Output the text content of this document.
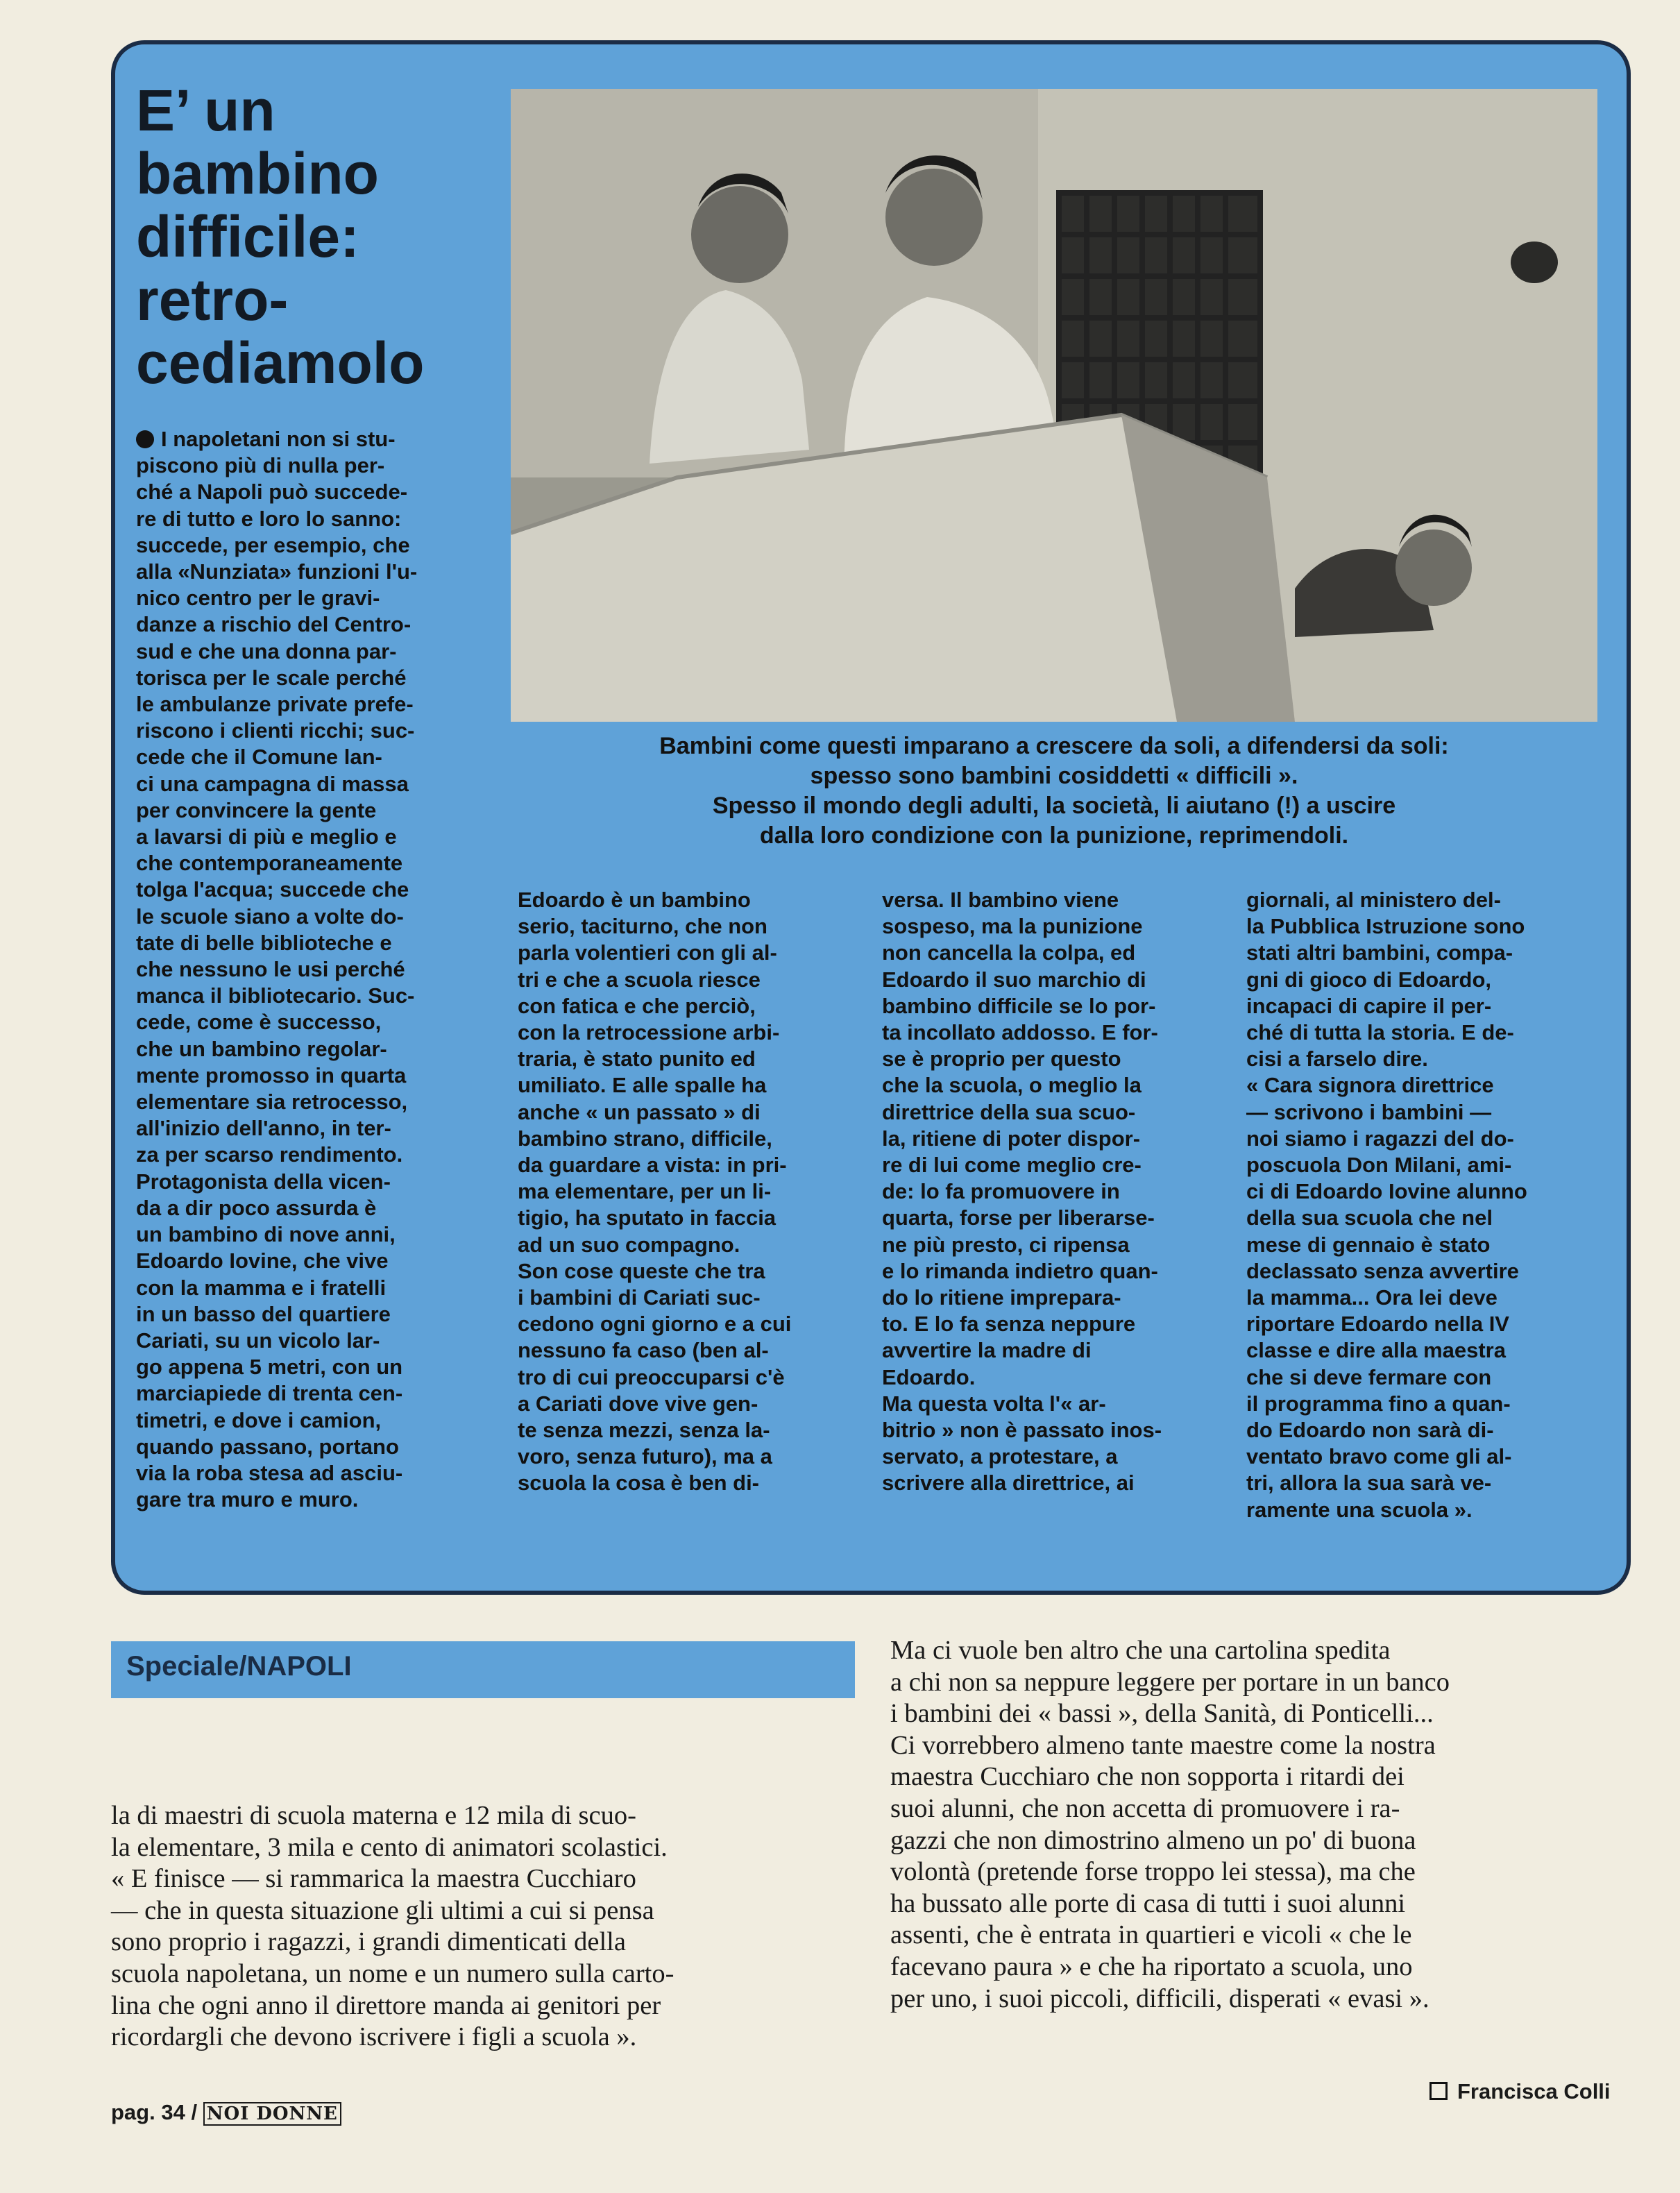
E’ un
bambino
difficile:
retro-
cediamolo

I napoletani non si stu-
piscono più di nulla per-
ché a Napoli può succede-
re di tutto e loro lo sanno:
succede, per esempio, che
alla «Nunziata» funzioni l'u-
nico centro per le gravi-
danze a rischio del Centro-
sud e che una donna par-
torisca per le scale perché
le ambulanze private prefe-
riscono i clienti ricchi; suc-
cede che il Comune lan-
ci una campagna di massa
per convincere la gente
a lavarsi di più e meglio e
che contemporaneamente
tolga l'acqua; succede che
le scuole siano a volte do-
tate di belle biblioteche e
che nessuno le usi perché
manca il bibliotecario. Suc-
cede, come è successo,
che un bambino regolar-
mente promosso in quarta
elementare sia retrocesso,
all'inizio dell'anno, in ter-
za per scarso rendimento.
Protagonista della vicen-
da a dir poco assurda è
un bambino di nove anni,
Edoardo Iovine, che vive
con la mamma e i fratelli
in un basso del quartiere
Cariati, su un vicolo lar-
go appena 5 metri, con un
marciapiede di trenta cen-
timetri, e dove i camion,
quando passano, portano
via la roba stesa ad asciu-
gare tra muro e muro.

Bambini come questi imparano a crescere da soli, a difendersi da soli:
spesso sono bambini cosiddetti « difficili ».
Spesso il mondo degli adulti, la società, li aiutano (!) a uscire
dalla loro condizione con la punizione, reprimendoli.

Edoardo è un bambino
serio, taciturno, che non
parla volentieri con gli al-
tri e che a scuola riesce
con fatica e che perciò,
con la retrocessione arbi-
traria, è stato punito ed
umiliato. E alle spalle ha
anche « un passato » di
bambino strano, difficile,
da guardare a vista: in pri-
ma elementare, per un li-
tigio, ha sputato in faccia
ad un suo compagno.
Son cose queste che tra
i bambini di Cariati suc-
cedono ogni giorno e a cui
nessuno fa caso (ben al-
tro di cui preoccuparsi c'è
a Cariati dove vive gen-
te senza mezzi, senza la-
voro, senza futuro), ma a
scuola la cosa è ben di-

versa. Il bambino viene
sospeso, ma la punizione
non cancella la colpa, ed
Edoardo il suo marchio di
bambino difficile se lo por-
ta incollato addosso. E for-
se è proprio per questo
che la scuola, o meglio la
direttrice della sua scuo-
la, ritiene di poter dispor-
re di lui come meglio cre-
de: lo fa promuovere in
quarta, forse per liberarse-
ne più presto, ci ripensa
e lo rimanda indietro quan-
do lo ritiene imprepara-
to. E lo fa senza neppure
avvertire la madre di
Edoardo.
Ma questa volta l'« ar-
bitrio » non è passato inos-
servato, a protestare, a
scrivere alla direttrice, ai

giornali, al ministero del-
la Pubblica Istruzione sono
stati altri bambini, compa-
gni di gioco di Edoardo,
incapaci di capire il per-
ché di tutta la storia. E de-
cisi a farselo dire.
« Cara signora direttrice
— scrivono i bambini —
noi siamo i ragazzi del do-
poscuola Don Milani, ami-
ci di Edoardo Iovine alunno
della sua scuola che nel
mese di gennaio è stato
declassato senza avvertire
la mamma... Ora lei deve
riportare Edoardo nella IV
classe e dire alla maestra
che si deve fermare con
il programma fino a quan-
do Edoardo non sarà di-
ventato bravo come gli al-
tri, allora la sua sarà ve-
ramente una scuola ».

Speciale/NAPOLI

la di maestri di scuola materna e 12 mila di scuo-
la elementare, 3 mila e cento di animatori scolastici.
« E finisce — si rammarica la maestra Cucchiaro
— che in questa situazione gli ultimi a cui si pensa
sono proprio i ragazzi, i grandi dimenticati della
scuola napoletana, un nome e un numero sulla carto-
lina che ogni anno il direttore manda ai genitori per
ricordargli che devono iscrivere i figli a scuola ».

Ma ci vuole ben altro che una cartolina spedita
a chi non sa neppure leggere per portare in un banco
i bambini dei « bassi », della Sanità, di Ponticelli...
Ci vorrebbero almeno tante maestre come la nostra
maestra Cucchiaro che non sopporta i ritardi dei
suoi alunni, che non accetta di promuovere i ra-
gazzi che non dimostrino almeno un po' di buona
volontà (pretende forse troppo lei stessa), ma che
ha bussato alle porte di casa di tutti i suoi alunni
assenti, che è entrata in quartieri e vicoli « che le
facevano paura » e che ha riportato a scuola, uno
per uno, i suoi piccoli, difficili, disperati « evasi ».

Francisca Colli

pag. 34 / NOI DONNE
